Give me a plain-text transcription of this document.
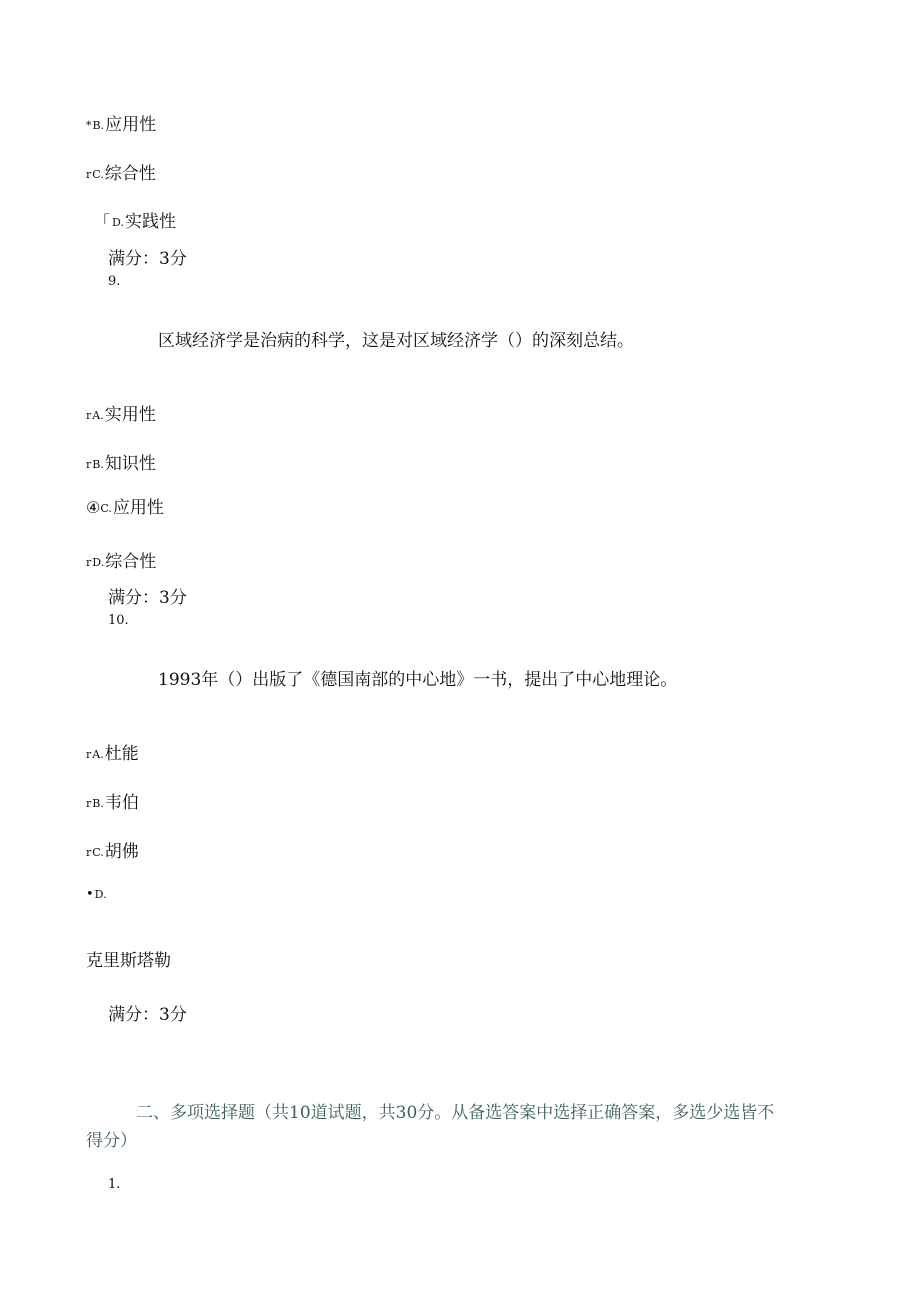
*B.应用性
rC.综合性
「 D.实践性
满分：3分
9.
区域经济学是治病的科学，这是对区域经济学（）的深刻总结。
rA.实用性
rB.知识性
④C.应用性
rD.综合性
满分：3分
10.
1993年（）出版了《德国南部的中心地》一书，提出了中心地理论。
rA.杜能
rB.韦伯
rC.胡佛
•D.
克里斯塔勒
满分：3分
二、多项选择题（共10道试题，共30分。从备选答案中选择正确答案，多选少选皆不得分）
1.
